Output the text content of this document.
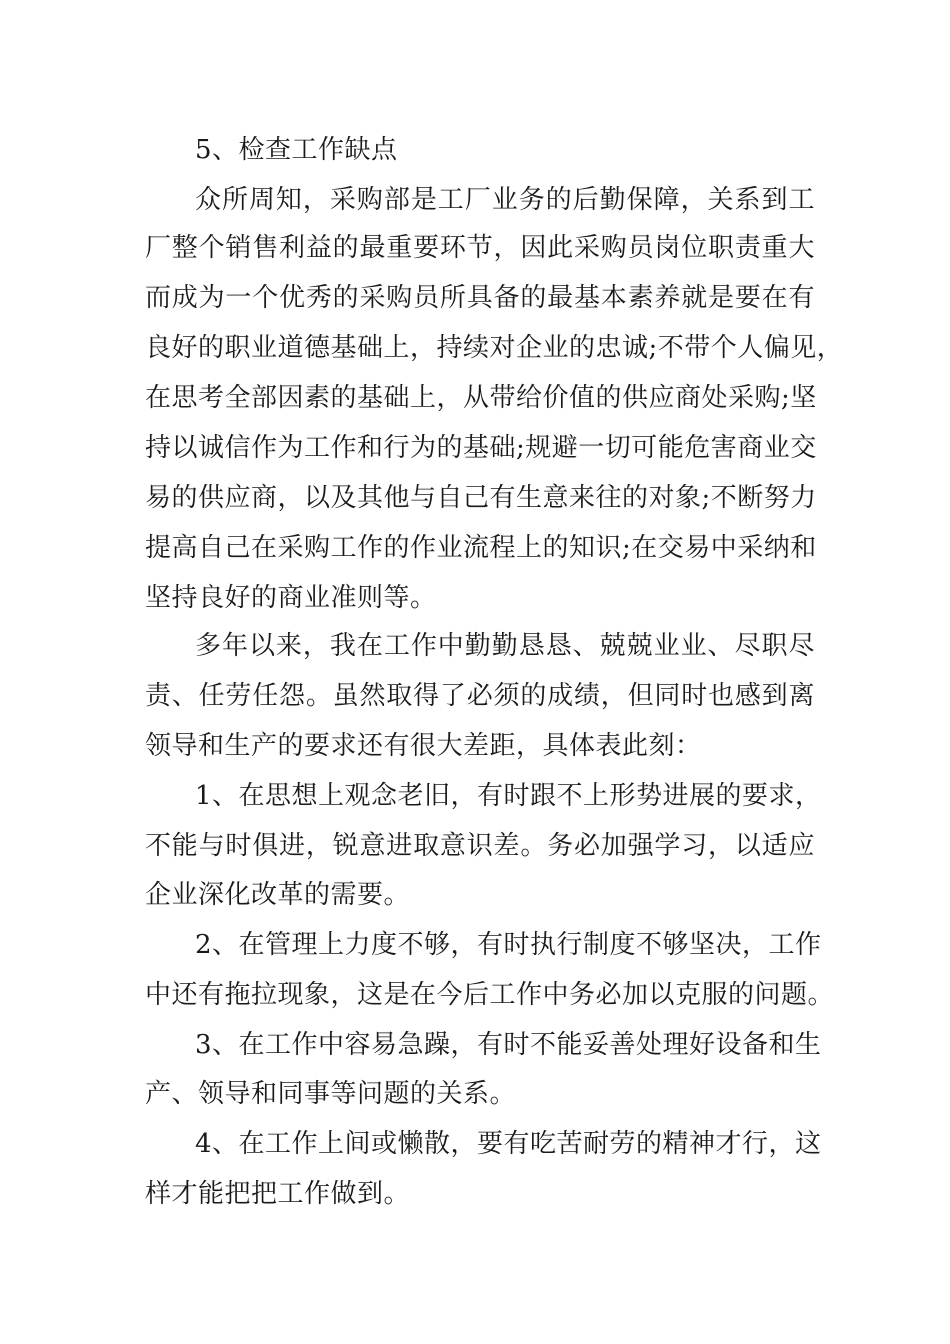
5、检查工作缺点
众所周知，采购部是工厂业务的后勤保障，关系到工
厂整个销售利益的最重要环节，因此采购员岗位职责重大
而成为一个优秀的采购员所具备的最基本素养就是要在有
良好的职业道德基础上，持续对企业的忠诚;不带个人偏见，
在思考全部因素的基础上，从带给价值的供应商处采购;坚
持以诚信作为工作和行为的基础;规避一切可能危害商业交
易的供应商，以及其他与自己有生意来往的对象;不断努力
提高自己在采购工作的作业流程上的知识;在交易中采纳和
坚持良好的商业准则等。
多年以来，我在工作中勤勤恳恳、兢兢业业、尽职尽
责、任劳任怨。虽然取得了必须的成绩，但同时也感到离
领导和生产的要求还有很大差距，具体表此刻：
1、在思想上观念老旧，有时跟不上形势进展的要求，
不能与时俱进，锐意进取意识差。务必加强学习，以适应
企业深化改革的需要。
2、在管理上力度不够，有时执行制度不够坚决，工作
中还有拖拉现象，这是在今后工作中务必加以克服的问题。
3、在工作中容易急躁，有时不能妥善处理好设备和生
产、领导和同事等问题的关系。
4、在工作上间或懒散，要有吃苦耐劳的精神才行，这
样才能把把工作做到。
